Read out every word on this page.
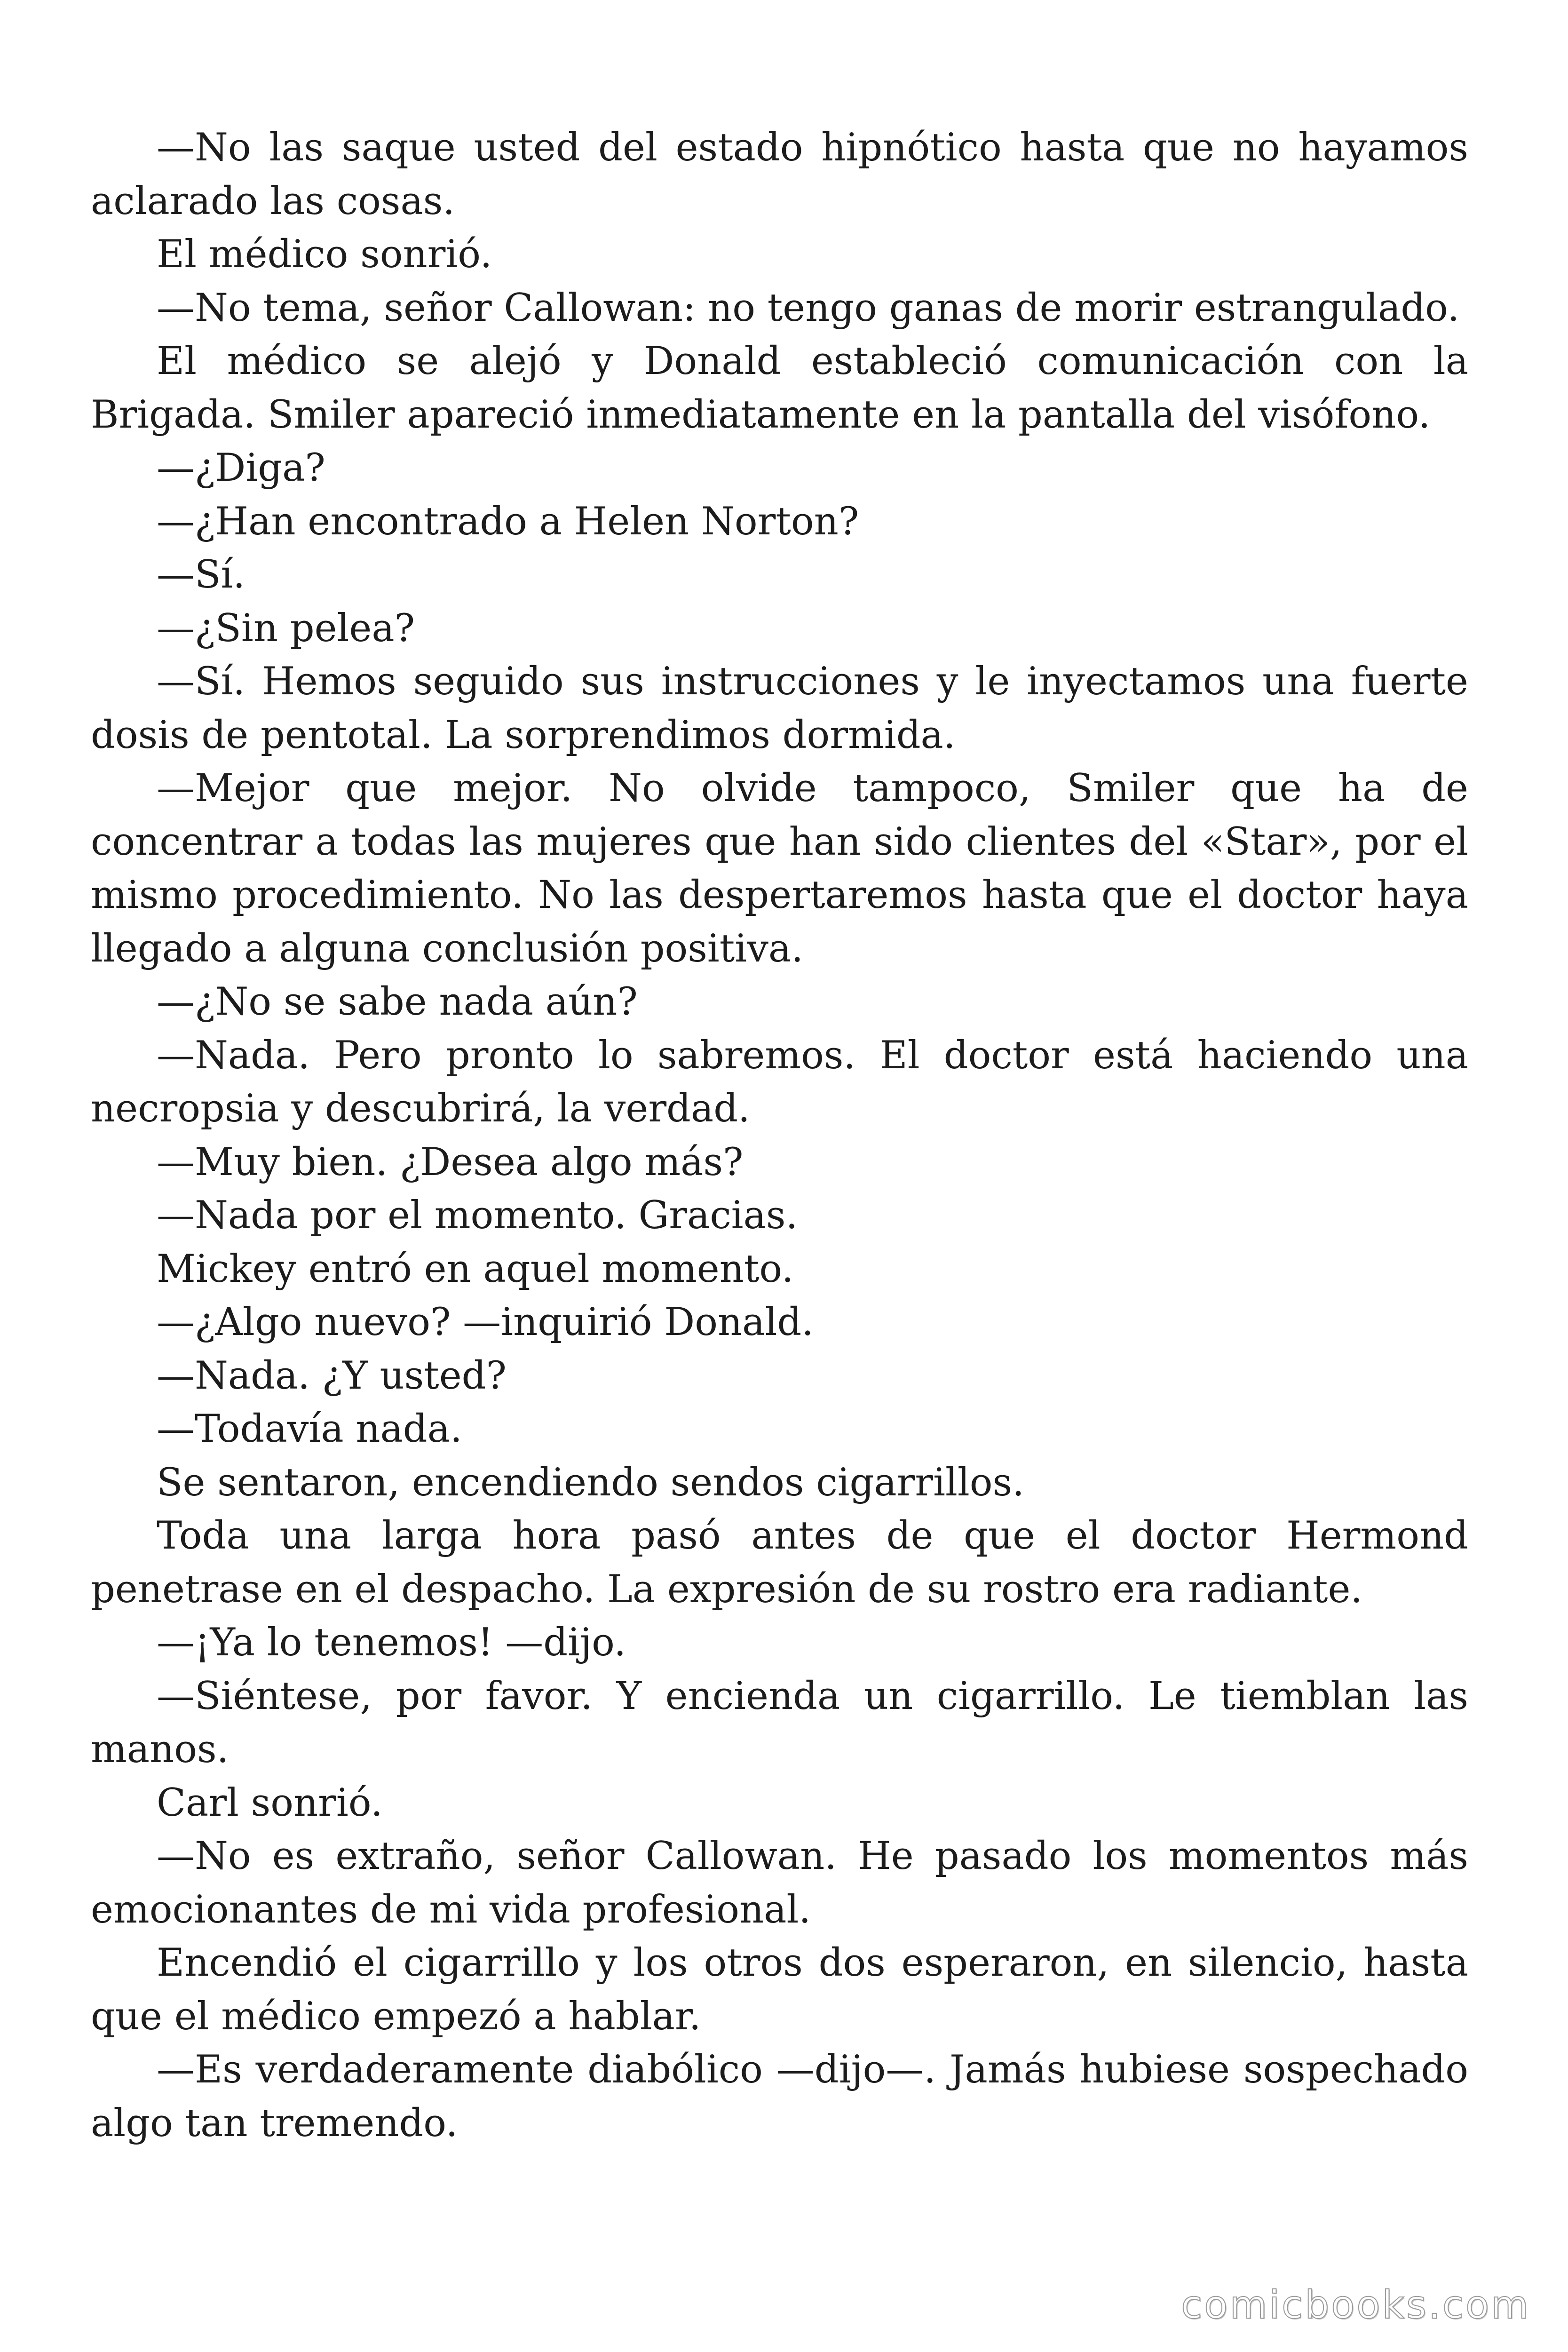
—No las saque usted del estado hipnótico hasta que no hayamos aclarado las cosas.

El médico sonrió.

—No tema, señor Callowan: no tengo ganas de morir estrangulado.

El médico se alejó y Donald estableció comunicación con la Brigada. Smiler apareció inmediatamente en la pantalla del visófono.

—¿Diga?

—¿Han encontrado a Helen Norton?

—Sí.

—¿Sin pelea?

—Sí. Hemos seguido sus instrucciones y le inyectamos una fuerte dosis de pentotal. La sorprendimos dormida.

—Mejor que mejor. No olvide tampoco, Smiler que ha de concentrar a todas las mujeres que han sido clientes del «Star», por el mismo procedimiento. No las despertaremos hasta que el doctor haya llegado a alguna conclusión positiva.

—¿No se sabe nada aún?

—Nada. Pero pronto lo sabremos. El doctor está haciendo una necropsia y descubrirá, la verdad.

—Muy bien. ¿Desea algo más?

—Nada por el momento. Gracias.

Mickey entró en aquel momento.

—¿Algo nuevo? —inquirió Donald.

—Nada. ¿Y usted?

—Todavía nada.

Se sentaron, encendiendo sendos cigarrillos.

Toda una larga hora pasó antes de que el doctor Hermond penetrase en el despacho. La expresión de su rostro era radiante.

—¡Ya lo tenemos! —dijo.

—Siéntese, por favor. Y encienda un cigarrillo. Le tiemblan las manos.

Carl sonrió.

—No es extraño, señor Callowan. He pasado los momentos más emocionantes de mi vida profesional.

Encendió el cigarrillo y los otros dos esperaron, en silencio, hasta que el médico empezó a hablar.

—Es verdaderamente diabólico —dijo—. Jamás hubiese sospechado algo tan tremendo.

comicbooks.com
